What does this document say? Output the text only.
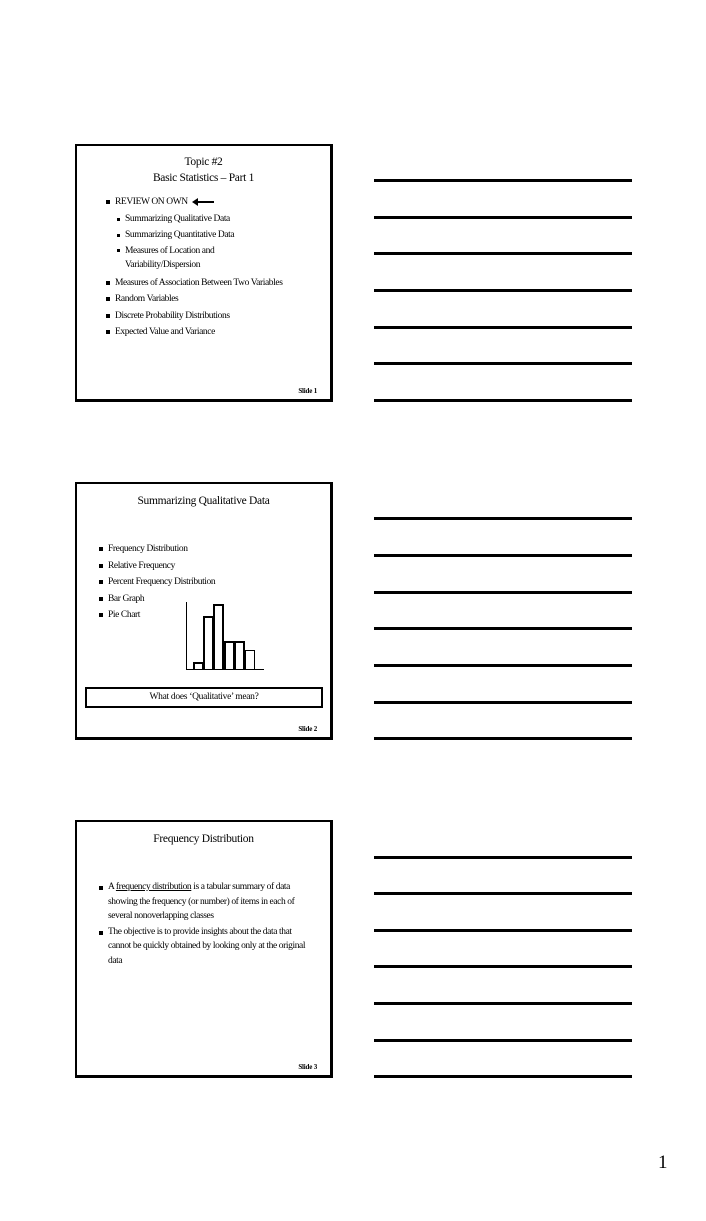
Topic #2
Basic Statistics – Part 1
REVIEW ON OWN
Summarizing Qualitative Data
Summarizing Quantitative Data
Measures of Location and Variability/Dispersion
Measures of Association Between Two Variables
Random Variables
Discrete Probability Distributions
Expected Value and Variance
Slide 1
Summarizing Qualitative Data
Frequency Distribution
Relative Frequency
Percent Frequency Distribution
Bar Graph
Pie Chart
What does ‘Qualitative’ mean?
Slide 2
Frequency Distribution
A frequency distribution is a tabular summary of data showing the frequency (or number) of items in each of several nonoverlapping classes
The objective is to provide insights about the data that cannot be quickly obtained by looking only at the original data
Slide 3
1
